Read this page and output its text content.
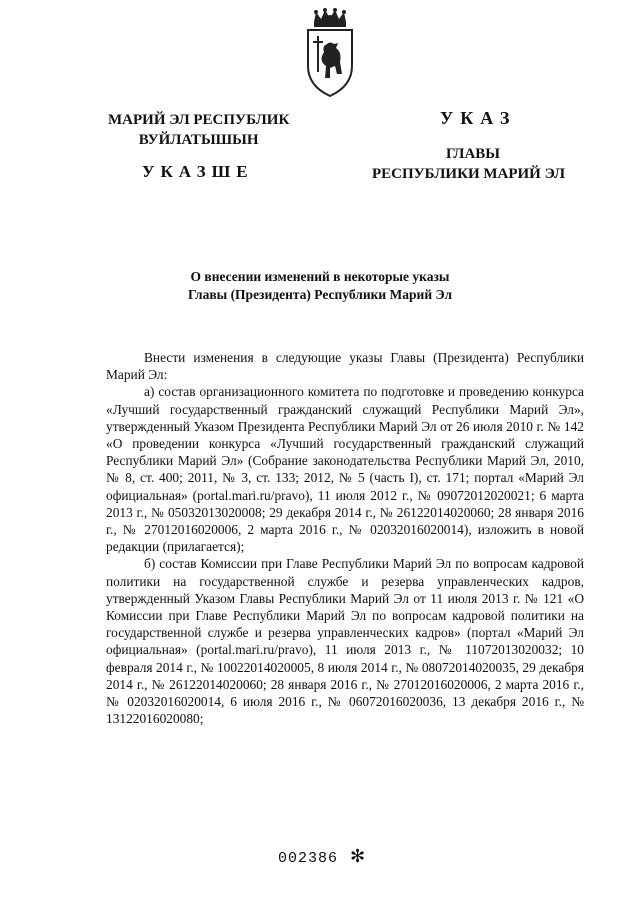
МАРИЙ ЭЛ РЕСПУБЛИК
ВУЙЛАТЫШЫН
УКАЗШЕ
УКАЗ
ГЛАВЫ
РЕСПУБЛИКИ МАРИЙ ЭЛ
О внесении изменений в некоторые указы
Главы (Президента) Республики Марий Эл

Внести изменения в следующие указы Главы (Президента) Республики Марий Эл:

а) состав организационного комитета по подготовке и проведению конкурса «Лучший государственный гражданский служащий Республики Марий Эл», утвержденный Указом Президента Республики Марий Эл от 26 июля 2010 г. № 142 «О проведении конкурса «Лучший государственный гражданский служащий Республики Марий Эл» (Собрание законодательства Республики Марий Эл, 2010, № 8, ст. 400; 2011, № 3, ст. 133; 2012, № 5 (часть I), ст. 171; портал «Марий Эл официальная» (portal.mari.ru/pravo), 11 июля 2012 г., № 09072012020021; 6 марта 2013 г., № 05032013020008; 29 декабря 2014 г., № 26122014020060; 28 января 2016 г., № 27012016020006, 2 марта 2016 г., № 02032016020014), изложить в новой редакции (прилагается);

б) состав Комиссии при Главе Республики Марий Эл по вопросам кадровой политики на государственной службе и резерва управленческих кадров, утвержденный Указом Главы Республики Марий Эл от 11 июля 2013 г. № 121 «О Комиссии при Главе Республики Марий Эл по вопросам кадровой политики на государственной службе и резерва управленческих кадров» (портал «Марий Эл официальная» (portal.mari.ru/pravo), 11 июля 2013 г., № 11072013020032; 10 февраля 2014 г., № 10022014020005, 8 июля 2014 г., № 08072014020035, 29 декабря 2014 г., № 26122014020060; 28 января 2016 г., № 27012016020006, 2 марта 2016 г., № 02032016020014, 6 июля 2016 г., № 06072016020036, 13 декабря 2016 г., № 13122016020080;

002386 ✻
